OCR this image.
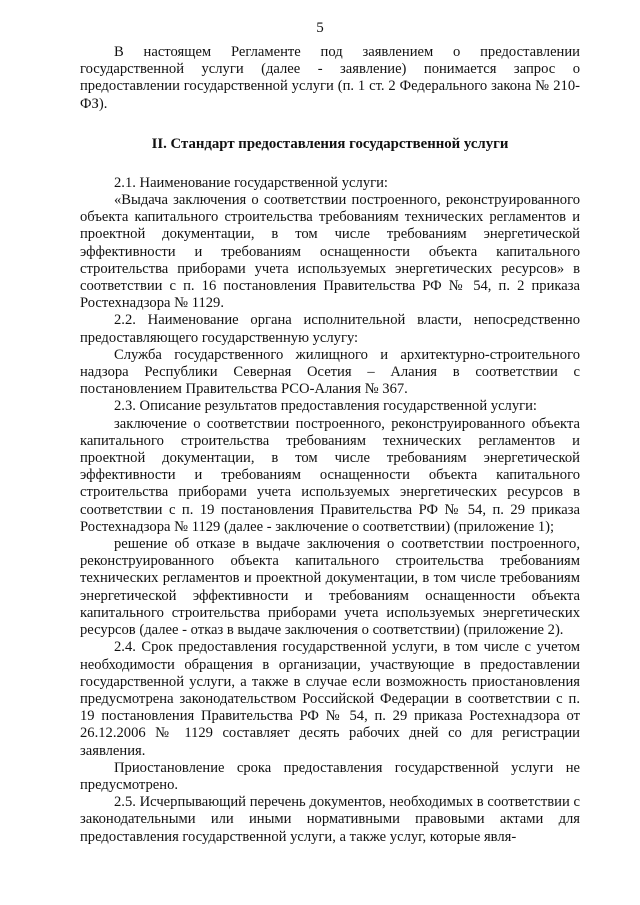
5

В настоящем Регламенте под заявлением о предоставлении государственной услуги (далее - заявление) понимается запрос о предоставлении государственной услуги (п. 1 ст. 2 Федерального закона № 210-ФЗ).

II. Стандарт предоставления государственной услуги

2.1. Наименование государственной услуги:

«Выдача заключения о соответствии построенного, реконструированного объекта капитального строительства требованиям технических регламентов и проектной документации, в том числе требованиям энергетической эффективности и требованиям оснащенности объекта капитального строительства приборами учета используемых энергетических ресурсов» в соответствии с п. 16 постановления Правительства РФ № 54, п. 2 приказа Ростехнадзора № 1129.

2.2. Наименование органа исполнительной власти, непосредственно предоставляющего государственную услугу:

Служба государственного жилищного и архитектурно-строительного надзора Республики Северная Осетия – Алания в соответствии с постановлением Правительства РСО-Алания № 367.

2.3. Описание результатов предоставления государственной услуги:

заключение о соответствии построенного, реконструированного объекта капитального строительства требованиям технических регламентов и проектной документации, в том числе требованиям энергетической эффективности и требованиям оснащенности объекта капитального строительства приборами учета используемых энергетических ресурсов в соответствии с п. 19 постановления Правительства РФ № 54, п. 29 приказа Ростехнадзора № 1129 (далее - заключение о соответствии) (приложение 1);

решение об отказе в выдаче заключения о соответствии построенного, реконструированного объекта капитального строительства требованиям технических регламентов и проектной документации, в том числе требованиям энергетической эффективности и требованиям оснащенности объекта капитального строительства приборами учета используемых энергетических ресурсов (далее - отказ в выдаче заключения о соответствии) (приложение 2).

2.4. Срок предоставления государственной услуги, в том числе с учетом необходимости обращения в организации, участвующие в предоставлении государственной услуги, а также в случае если возможность приостановления предусмотрена законодательством Российской Федерации в соответствии с п. 19 постановления Правительства РФ № 54, п. 29 приказа Ростехнадзора от 26.12.2006 № 1129 составляет десять рабочих дней со для регистрации заявления.

Приостановление срока предоставления государственной услуги не предусмотрено.

2.5. Исчерпывающий перечень документов, необходимых в соответствии с законодательными или иными нормативными правовыми актами для предоставления государственной услуги, а также услуг, которые явля-
